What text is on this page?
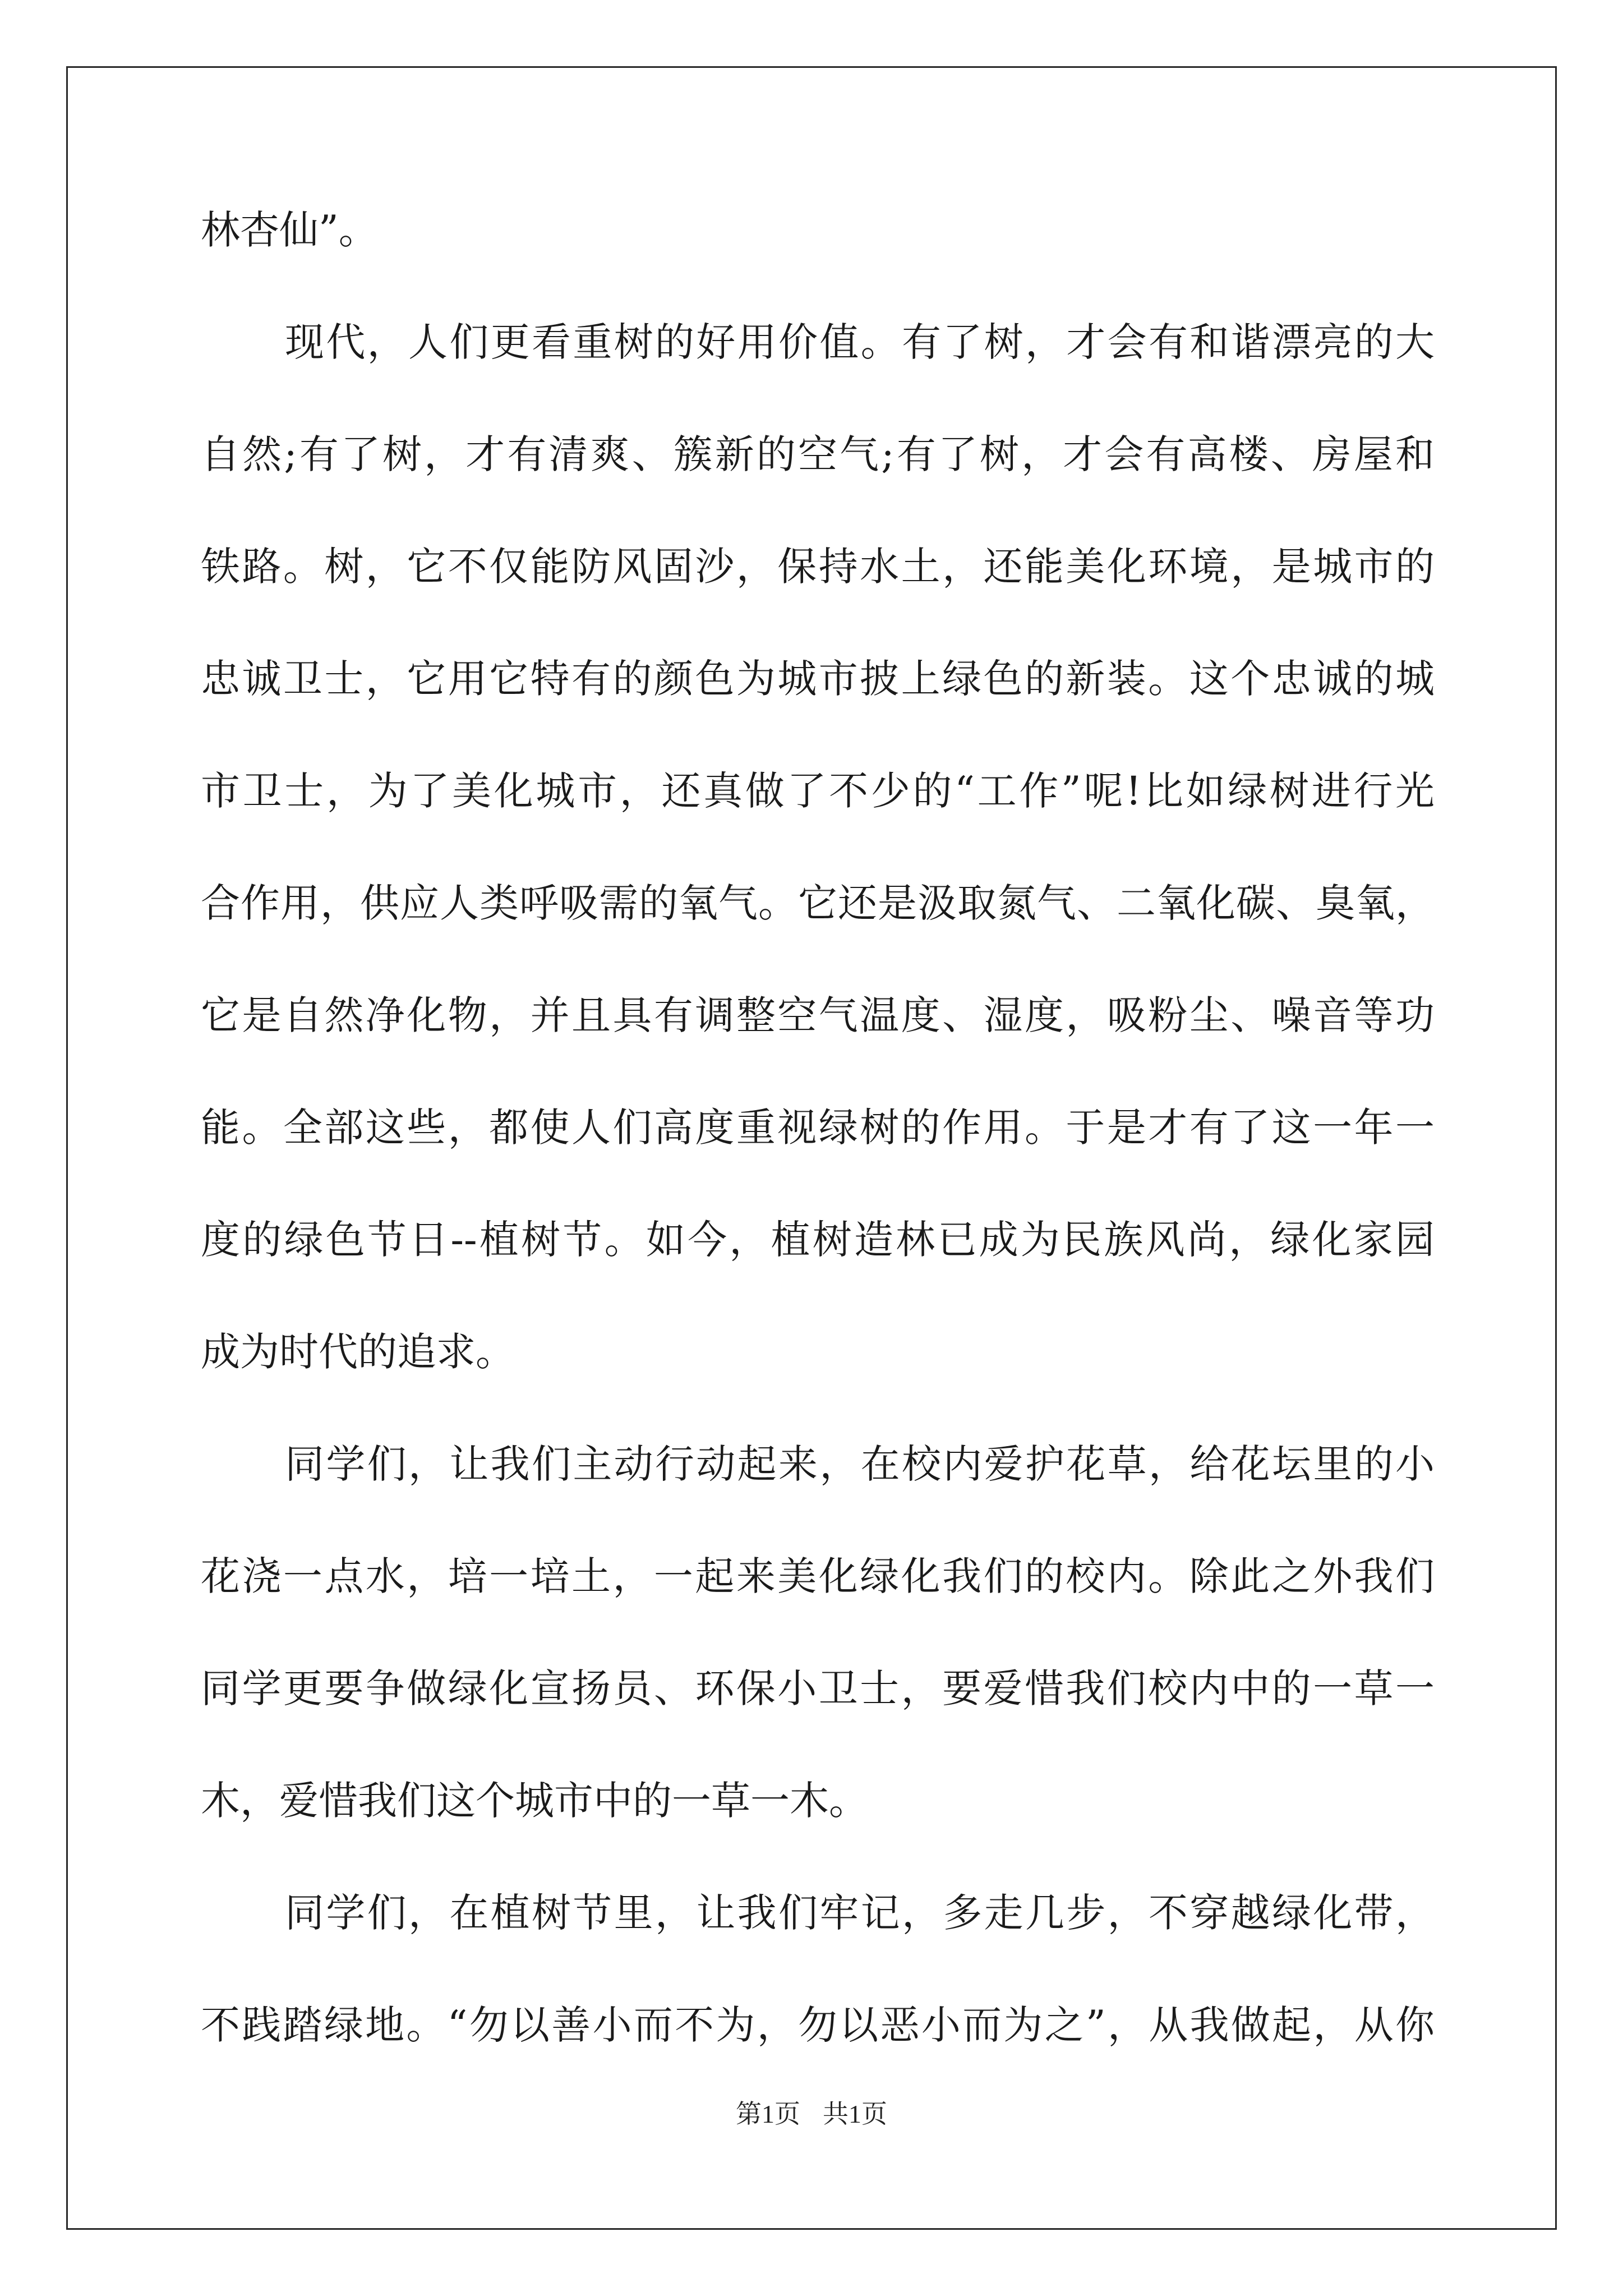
林杏仙”。
现代，人们更看重树的好用价值。有了树，才会有和谐漂亮的大
自然;有了树，才有清爽、簇新的空气;有了树，才会有高楼、房屋和
铁路。树，它不仅能防风固沙，保持水土，还能美化环境，是城市的
忠诚卫士，它用它特有的颜色为城市披上绿色的新装。这个忠诚的城
市卫士，为了美化城市，还真做了不少的“工作”呢!比如绿树进行光
合作用，供应人类呼吸需的氧气。它还是汲取氮气、二氧化碳、臭氧，
它是自然净化物，并且具有调整空气温度、湿度，吸粉尘、噪音等功
能。全部这些，都使人们高度重视绿树的作用。于是才有了这一年一
度的绿色节日--植树节。如今，植树造林已成为民族风尚，绿化家园
成为时代的追求。
同学们，让我们主动行动起来，在校内爱护花草，给花坛里的小
花浇一点水，培一培土，一起来美化绿化我们的校内。除此之外我们
同学更要争做绿化宣扬员、环保小卫士，要爱惜我们校内中的一草一
木，爱惜我们这个城市中的一草一木。
同学们，在植树节里，让我们牢记，多走几步，不穿越绿化带，
不践踏绿地。“勿以善小而不为，勿以恶小而为之”，从我做起，从你
第1页 共1页
